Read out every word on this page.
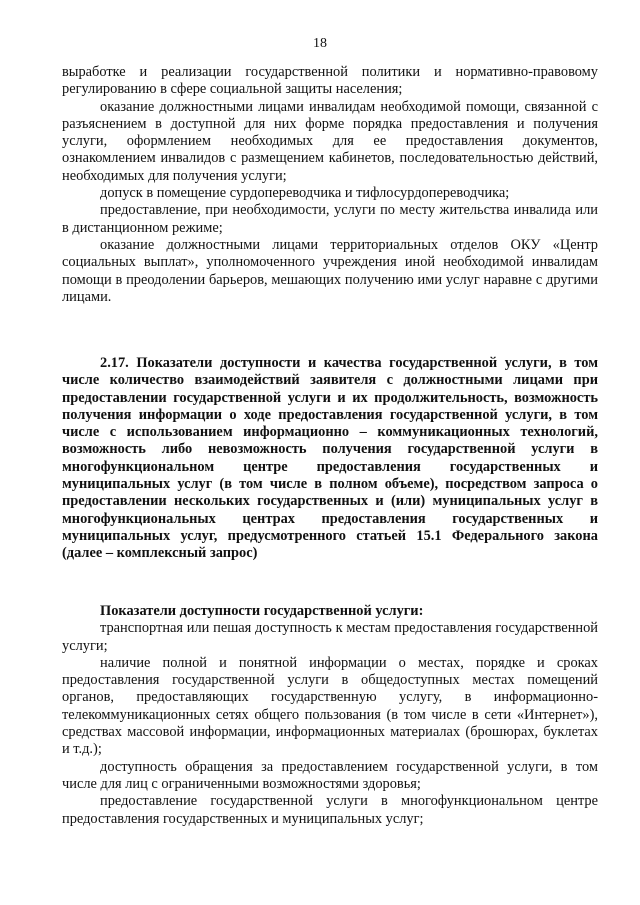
18

выработке и реализации государственной политики и нормативно-правовому регулированию в сфере социальной защиты населения;

оказание должностными лицами инвалидам необходимой помощи, связанной с разъяснением в доступной для них форме порядка предоставления и получения услуги, оформлением необходимых для ее предоставления документов, ознакомлением инвалидов с размещением кабинетов, последовательностью действий, необходимых для получения услуги;

допуск в помещение сурдопереводчика и тифлосурдопереводчика;

предоставление, при необходимости, услуги по месту жительства инвалида или в дистанционном режиме;

оказание должностными лицами территориальных отделов ОКУ «Центр социальных выплат», уполномоченного учреждения иной необходимой инвалидам помощи в преодолении барьеров, мешающих получению ими услуг наравне с другими лицами.

2.17. Показатели доступности и качества государственной услуги, в том числе количество взаимодействий заявителя с должностными лицами при предоставлении государственной услуги и их продолжительность, возможность получения информации о ходе предоставления государственной услуги, в том числе с использованием информационно – коммуникационных технологий, возможность либо невозможность получения государственной услуги в многофункциональном центре предоставления государственных и муниципальных услуг (в том числе в полном объеме), посредством запроса о предоставлении нескольких государственных и (или) муниципальных услуг в многофункциональных центрах предоставления государственных и муниципальных услуг, предусмотренного статьей 15.1 Федерального закона (далее – комплексный запрос)

Показатели доступности государственной услуги:

транспортная или пешая доступность к местам предоставления государственной услуги;

наличие полной и понятной информации о местах, порядке и сроках предоставления государственной услуги в общедоступных местах помещений органов, предоставляющих государственную услугу, в информационно-телекоммуникационных сетях общего пользования (в том числе в сети «Интернет»), средствах массовой информации, информационных материалах (брошюрах, буклетах и т.д.);

доступность обращения за предоставлением государственной услуги, в том числе для лиц с ограниченными возможностями здоровья;

предоставление государственной услуги в многофункциональном центре предоставления государственных и муниципальных услуг;
